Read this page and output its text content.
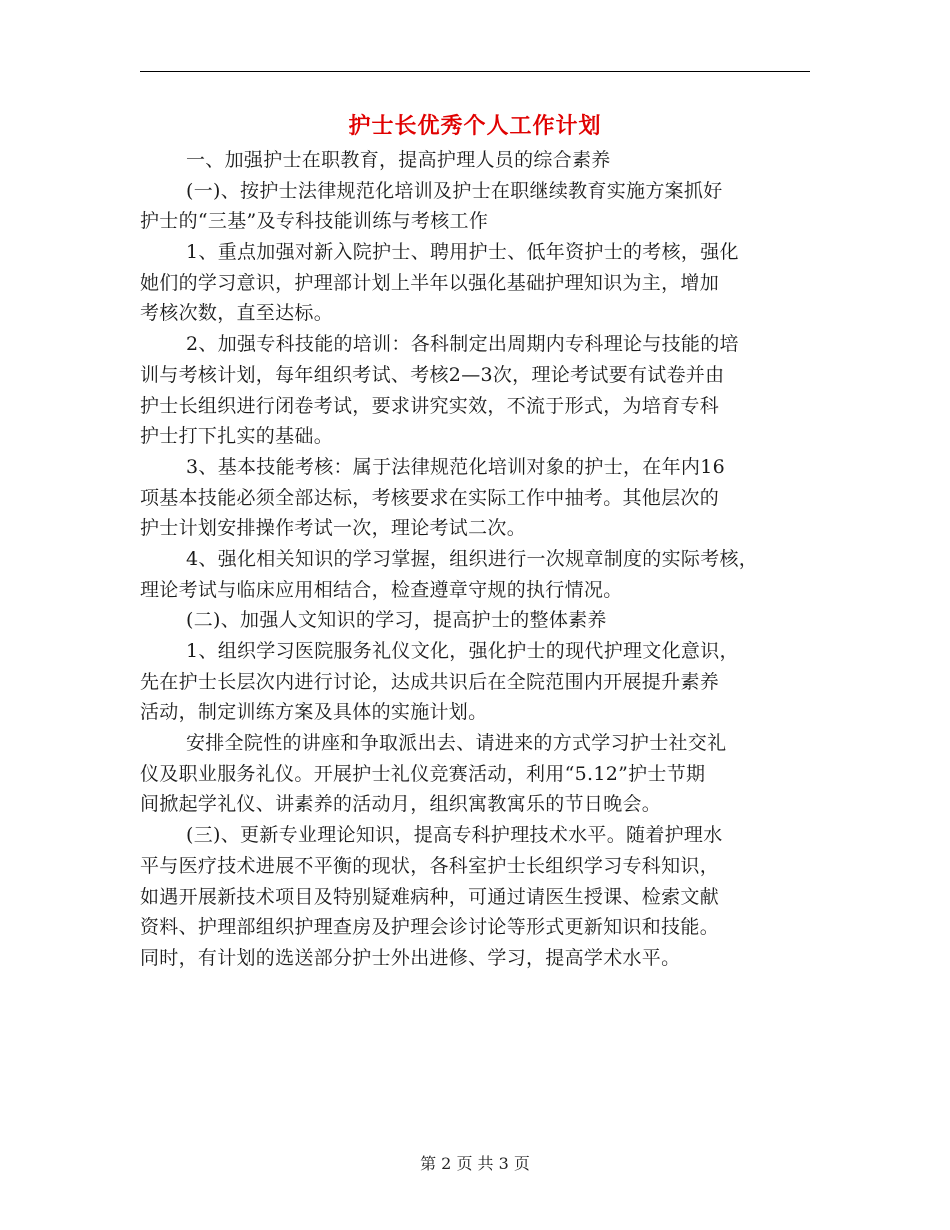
护士长优秀个人工作计划
一、加强护士在职教育，提高护理人员的综合素养
(一)、按护士法律规范化培训及护士在职继续教育实施方案抓好
护士的“三基”及专科技能训练与考核工作
1、重点加强对新入院护士、聘用护士、低年资护士的考核，强化
她们的学习意识，护理部计划上半年以强化基础护理知识为主，增加
考核次数，直至达标。
2、加强专科技能的培训：各科制定出周期内专科理论与技能的培
训与考核计划，每年组织考试、考核2—3次，理论考试要有试卷并由
护士长组织进行闭卷考试，要求讲究实效，不流于形式，为培育专科
护士打下扎实的基础。
3、基本技能考核：属于法律规范化培训对象的护士，在年内16
项基本技能必须全部达标，考核要求在实际工作中抽考。其他层次的
护士计划安排操作考试一次，理论考试二次。
4、强化相关知识的学习掌握，组织进行一次规章制度的实际考核，
理论考试与临床应用相结合，检查遵章守规的执行情况。
(二)、加强人文知识的学习，提高护士的整体素养
1、组织学习医院服务礼仪文化，强化护士的现代护理文化意识，
先在护士长层次内进行讨论，达成共识后在全院范围内开展提升素养
活动，制定训练方案及具体的实施计划。
安排全院性的讲座和争取派出去、请进来的方式学习护士社交礼
仪及职业服务礼仪。开展护士礼仪竞赛活动，利用“5.12”护士节期
间掀起学礼仪、讲素养的活动月，组织寓教寓乐的节日晚会。
(三)、更新专业理论知识，提高专科护理技术水平。随着护理水
平与医疗技术进展不平衡的现状，各科室护士长组织学习专科知识，
如遇开展新技术项目及特别疑难病种，可通过请医生授课、检索文献
资料、护理部组织护理查房及护理会诊讨论等形式更新知识和技能。
同时，有计划的选送部分护士外出进修、学习，提高学术水平。
第 2 页 共 3 页
